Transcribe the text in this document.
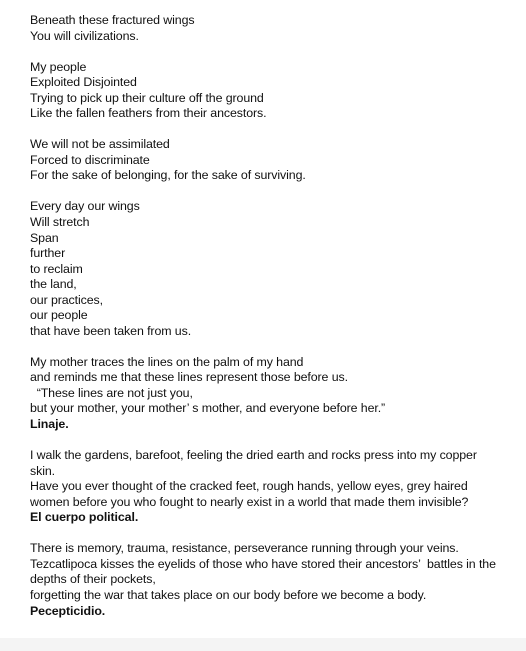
Beneath these fractured wings
You will civilizations.
My people
Exploited Disjointed
Trying to pick up their culture off the ground
Like the fallen feathers from their ancestors.
We will not be assimilated
Forced to discriminate
For the sake of belonging, for the sake of surviving.
Every day our wings
Will stretch
Span
further
to reclaim
the land,
our practices,
our people
that have been taken from us.
My mother traces the lines on the palm of my hand
and reminds me that these lines represent those before us.
“These lines are not just you,
but your mother, your mother’ s mother, and everyone before her.”
Linaje.
I walk the gardens, barefoot, feeling the dried earth and rocks press into my copper skin.
Have you ever thought of the cracked feet, rough hands, yellow eyes, grey haired women before you who fought to nearly exist in a world that made them invisible?
El cuerpo political.
There is memory, trauma, resistance, perseverance running through your veins.
Tezcatlipoca kisses the eyelids of those who have stored their ancestors’  battles in the depths of their pockets,
forgetting the war that takes place on our body before we become a body.
Pecepticidio.
